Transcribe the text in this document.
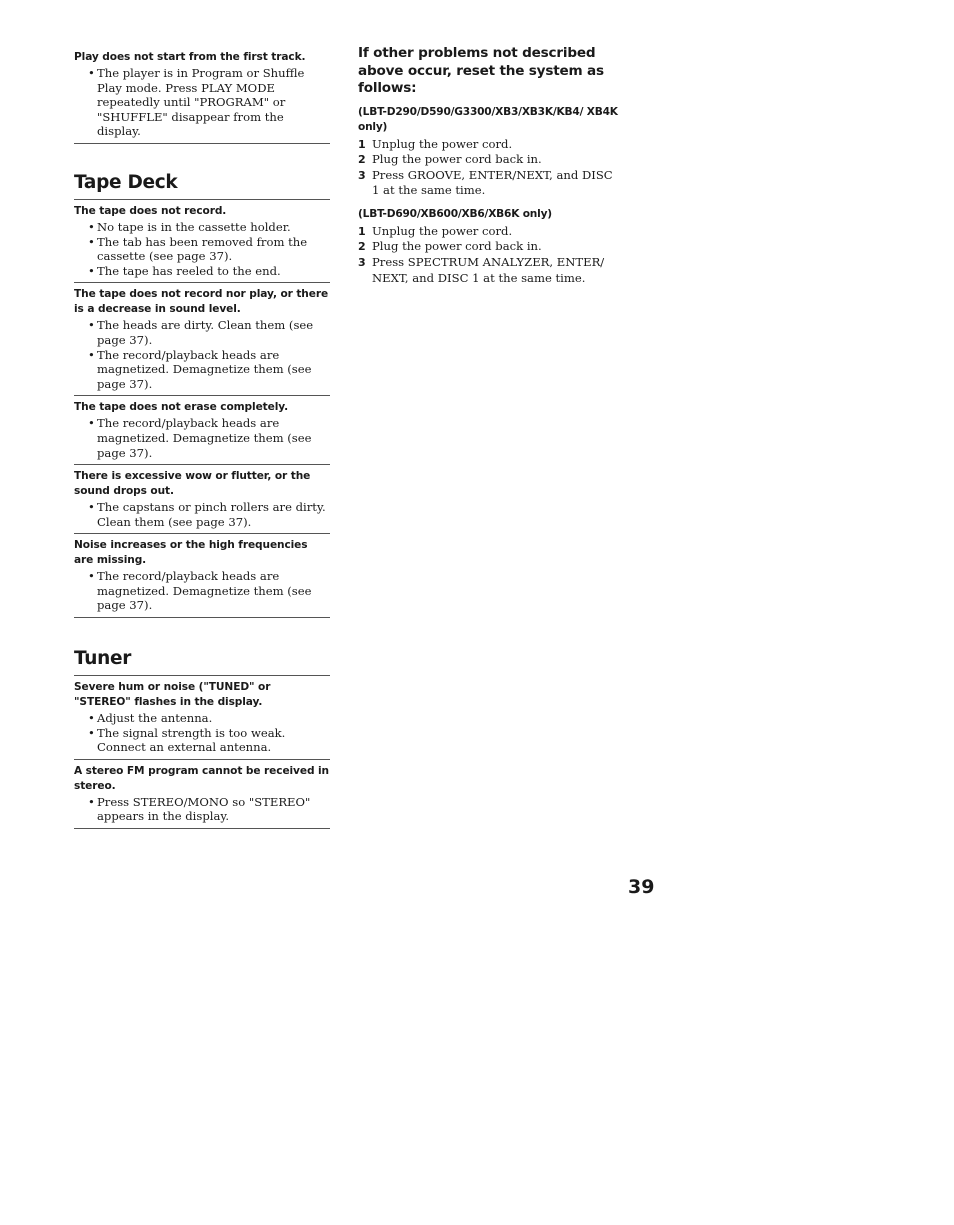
Play does not start from the first track.

• The player is in Program or Shuffle Play mode. Press PLAY MODE repeatedly until "PROGRAM" or "SHUFFLE" disappear from the display.
Tape Deck

The tape does not record.

• No tape is in the cassette holder.
• The tab has been removed from the cassette (see page 37).
• The tape has reeled to the end.

The tape does not record nor play, or there is a decrease in sound level.

• The heads are dirty. Clean them (see page 37).
• The record/playback heads are magnetized. Demagnetize them (see page 37).

The tape does not erase completely.

• The record/playback heads are magnetized. Demagnetize them (see page 37).

There is excessive wow or flutter, or the sound drops out.

• The capstans or pinch rollers are dirty. Clean them (see page 37).

Noise increases or the high frequencies are missing.

• The record/playback heads are magnetized. Demagnetize them (see page 37).
Tuner

Severe hum or noise ("TUNED" or "STEREO" flashes in the display.

• Adjust the antenna.
• The signal strength is too weak. Connect an external antenna.

A stereo FM program cannot be received in stereo.

• Press STEREO/MONO so "STEREO" appears in the display.

If other problems not described above occur, reset the system as follows:

(LBT-D290/D590/G3300/XB3/XB3K/KB4/ XB4K only)

1 Unplug the power cord.
2 Plug the power cord back in.
3 Press GROOVE, ENTER/NEXT, and DISC 1 at the same time.

(LBT-D690/XB600/XB6/XB6K only)

1 Unplug the power cord.
2 Plug the power cord back in.
3 Press SPECTRUM ANALYZER, ENTER/ NEXT, and DISC 1 at the same time.
39
